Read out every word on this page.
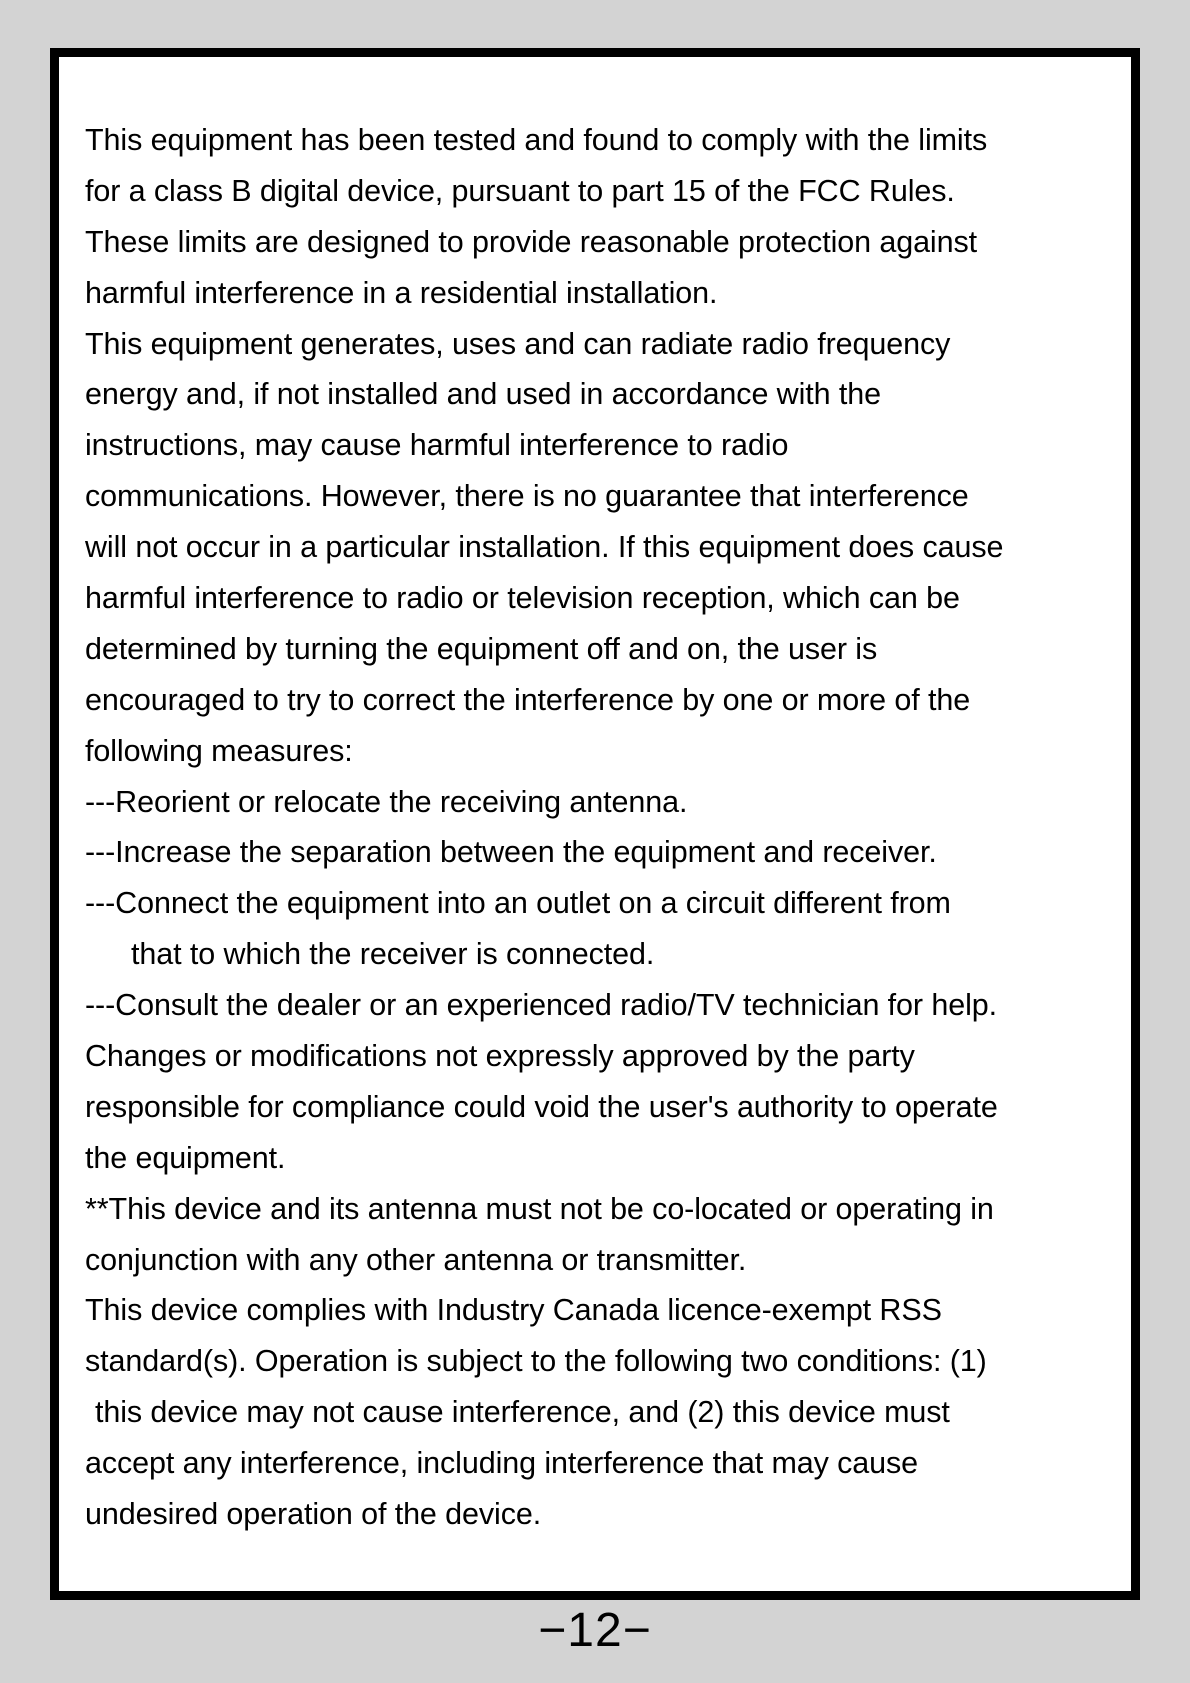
This equipment has been tested and found to comply with the limits
for a class B digital device, pursuant to part 15 of the FCC Rules.
These limits are designed to provide reasonable protection against
harmful interference in a residential installation.
This equipment generates, uses and can radiate radio frequency
energy and, if not installed and used in accordance with the
instructions, may cause harmful interference to radio
communications. However, there is no guarantee that interference
will not occur in a particular installation. If this equipment does cause
harmful interference to radio or television reception, which can be
determined by turning the equipment off and on, the user is
encouraged to try to correct the interference by one or more of the
following measures:
---Reorient or relocate the receiving antenna.
---Increase the separation between the equipment and receiver.
---Connect the equipment into an outlet on a circuit different from
that to which the receiver is connected.
---Consult the dealer or an experienced radio/TV technician for help.
Changes or modifications not expressly approved by the party
responsible for compliance could void the user's authority to operate
the equipment.
**This device and its antenna must not be co-located or operating in
conjunction with any other antenna or transmitter.
This device complies with Industry Canada licence-exempt RSS
standard(s). Operation is subject to the following two conditions: (1)
this device may not cause interference, and (2) this device must
accept any interference, including interference that may cause
undesired operation of the device.
−12−
